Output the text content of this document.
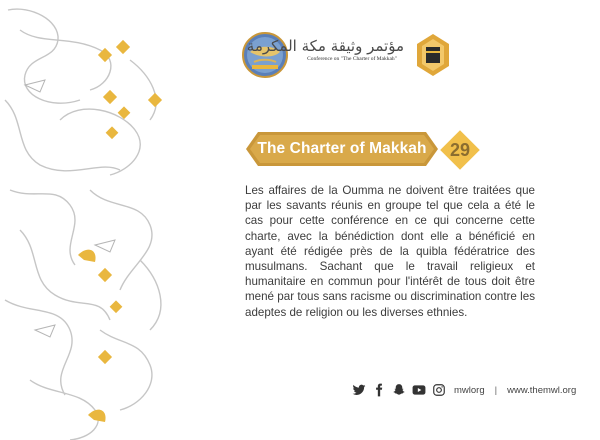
مؤتمر وثيقة مكة المكرمة
Conference on "The Charter of Makkah"
The Charter of Makkah	29
Les affaires de la Oumma ne doivent être traitées que par les savants réunis en groupe tel que cela a été le cas pour cette conférence en ce qui concerne cette charte, avec la bénédiction dont elle a bénéficié en ayant été rédigée près de la quibla fédératrice des musulmans. Sachant que le travail religieux et humanitaire en commun pour l'intérêt de tous doit être mené par tous sans racisme ou discrimination contre les adeptes de religion ou les diverses ethnies.
mwlorg | www.themwl.org
